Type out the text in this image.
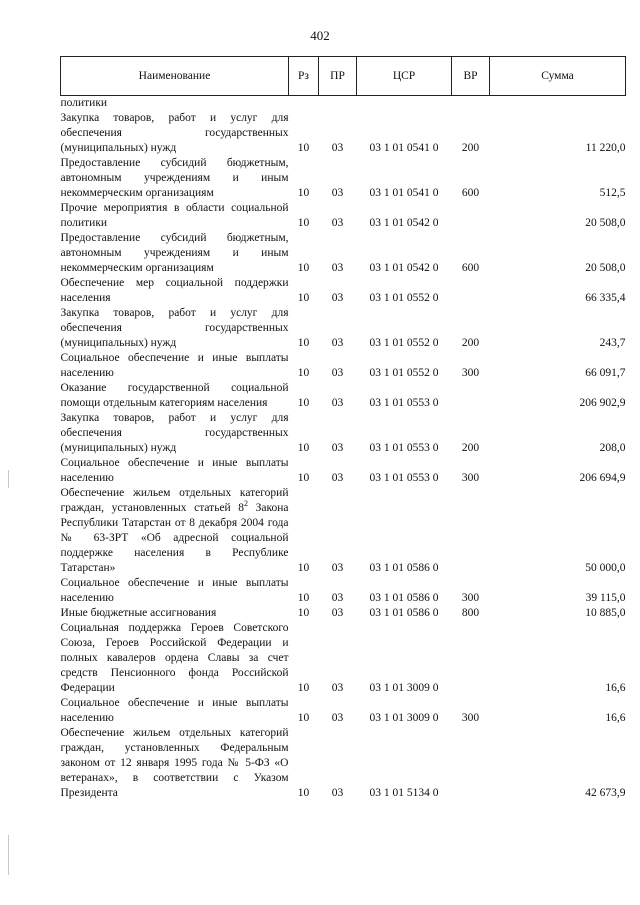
402
Наименование	Рз	ПР	ЦСР	ВР	Сумма
политики					
Закупка товаров, работ и услуг для обеспечения государственных (муниципальных) нужд	10	03	03 1 01 0541 0	200	11 220,0
Предоставление субсидий бюджетным, автономным учреждениям и иным некоммерческим организациям	10	03	03 1 01 0541 0	600	512,5
Прочие мероприятия в области социальной политики	10	03	03 1 01 0542 0		20 508,0
Предоставление субсидий бюджетным, автономным учреждениям и иным некоммерческим организациям	10	03	03 1 01 0542 0	600	20 508,0
Обеспечение мер социальной поддержки населения	10	03	03 1 01 0552 0		66 335,4
Закупка товаров, работ и услуг для обеспечения государственных (муниципальных) нужд	10	03	03 1 01 0552 0	200	243,7
Социальное обеспечение и иные выплаты населению	10	03	03 1 01 0552 0	300	66 091,7
Оказание государственной социальной помощи отдельным категориям населения	10	03	03 1 01 0553 0		206 902,9
Закупка товаров, работ и услуг для обеспечения государственных (муниципальных) нужд	10	03	03 1 01 0553 0	200	208,0
Социальное обеспечение и иные выплаты населению	10	03	03 1 01 0553 0	300	206 694,9
Обеспечение жильем отдельных категорий граждан, установленных статьей $8^2$ Закона Республики Татарстан от 8 декабря 2004 года № 63-ЗРТ «Об адресной социальной поддержке населения в Республике Татарстан»	10	03	03 1 01 0586 0		50 000,0
Социальное обеспечение и иные выплаты населению	10	03	03 1 01 0586 0	300	39 115,0
Иные бюджетные ассигнования	10	03	03 1 01 0586 0	800	10 885,0
Социальная поддержка Героев Советского Союза, Героев Российской Федерации и полных кавалеров ордена Славы за счет средств Пенсионного фонда Российской Федерации	10	03	03 1 01 3009 0		16,6
Социальное обеспечение и иные выплаты населению	10	03	03 1 01 3009 0	300	16,6
Обеспечение жильем отдельных категорий граждан, установленных Федеральным законом от 12 января 1995 года № 5-ФЗ «О ветеранах», в соответствии с Указом Президента	10	03	03 1 01 5134 0		42 673,9
